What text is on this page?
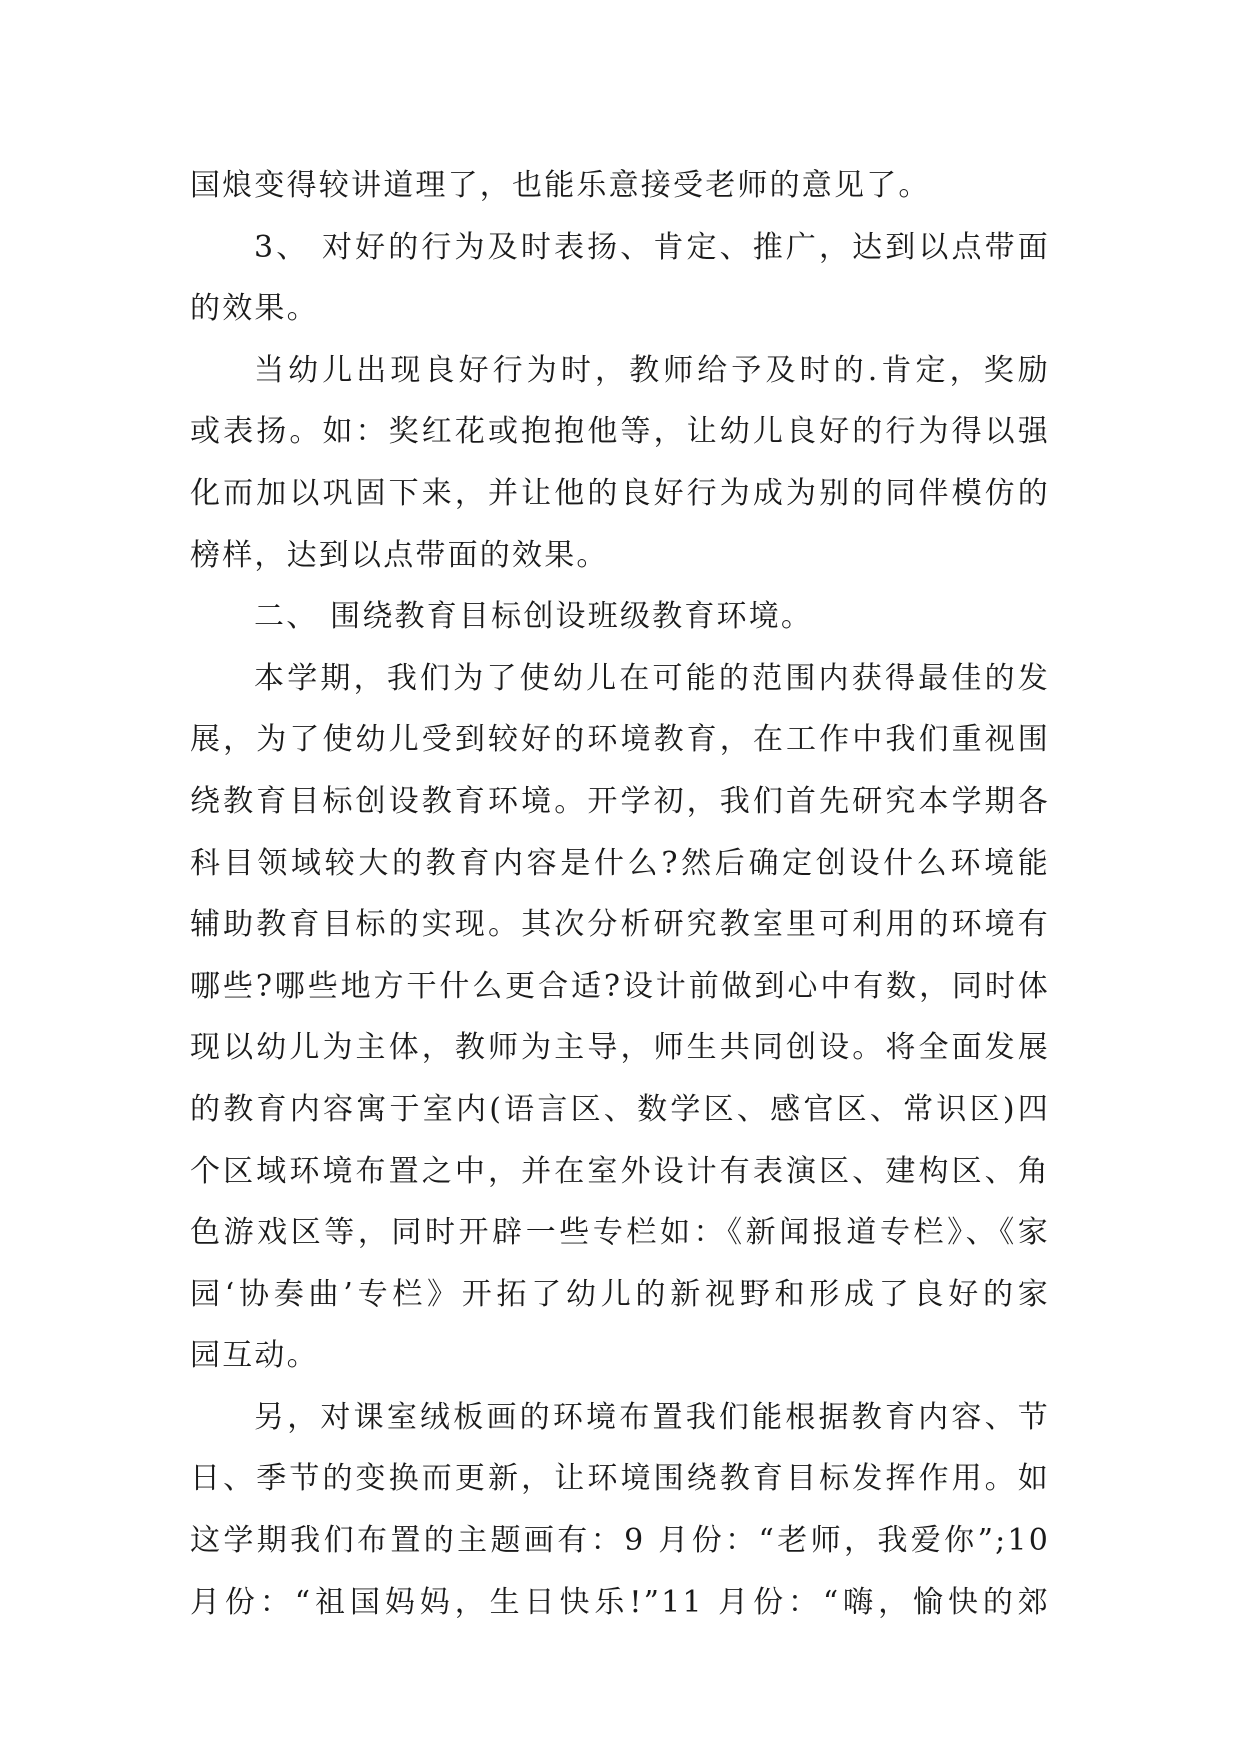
国烺变得较讲道理了，也能乐意接受老师的意见了。
3、 对好的行为及时表扬、肯定、推广，达到以点带面
的效果。
当幼儿出现良好行为时，教师给予及时的.肯定，奖励
或表扬。如：奖红花或抱抱他等，让幼儿良好的行为得以强
化而加以巩固下来，并让他的良好行为成为别的同伴模仿的
榜样，达到以点带面的效果。
二、 围绕教育目标创设班级教育环境。
本学期，我们为了使幼儿在可能的范围内获得最佳的发
展，为了使幼儿受到较好的环境教育，在工作中我们重视围
绕教育目标创设教育环境。开学初，我们首先研究本学期各
科目领域较大的教育内容是什么?然后确定创设什么环境能
辅助教育目标的实现。其次分析研究教室里可利用的环境有
哪些?哪些地方干什么更合适?设计前做到心中有数，同时体
现以幼儿为主体，教师为主导，师生共同创设。将全面发展
的教育内容寓于室内(语言区、数学区、感官区、常识区)四
个区域环境布置之中，并在室外设计有表演区、建构区、角
色游戏区等，同时开辟一些专栏如：《新闻报道专栏》、《家
园‘协奏曲’专栏》开拓了幼儿的新视野和形成了良好的家
园互动。
另，对课室绒板画的环境布置我们能根据教育内容、节
日、季节的变换而更新，让环境围绕教育目标发挥作用。如
这学期我们布置的主题画有：9 月份：“老师，我爱你”;10
月份：“祖国妈妈，生日快乐!”11 月份：“嗨，愉快的郊
